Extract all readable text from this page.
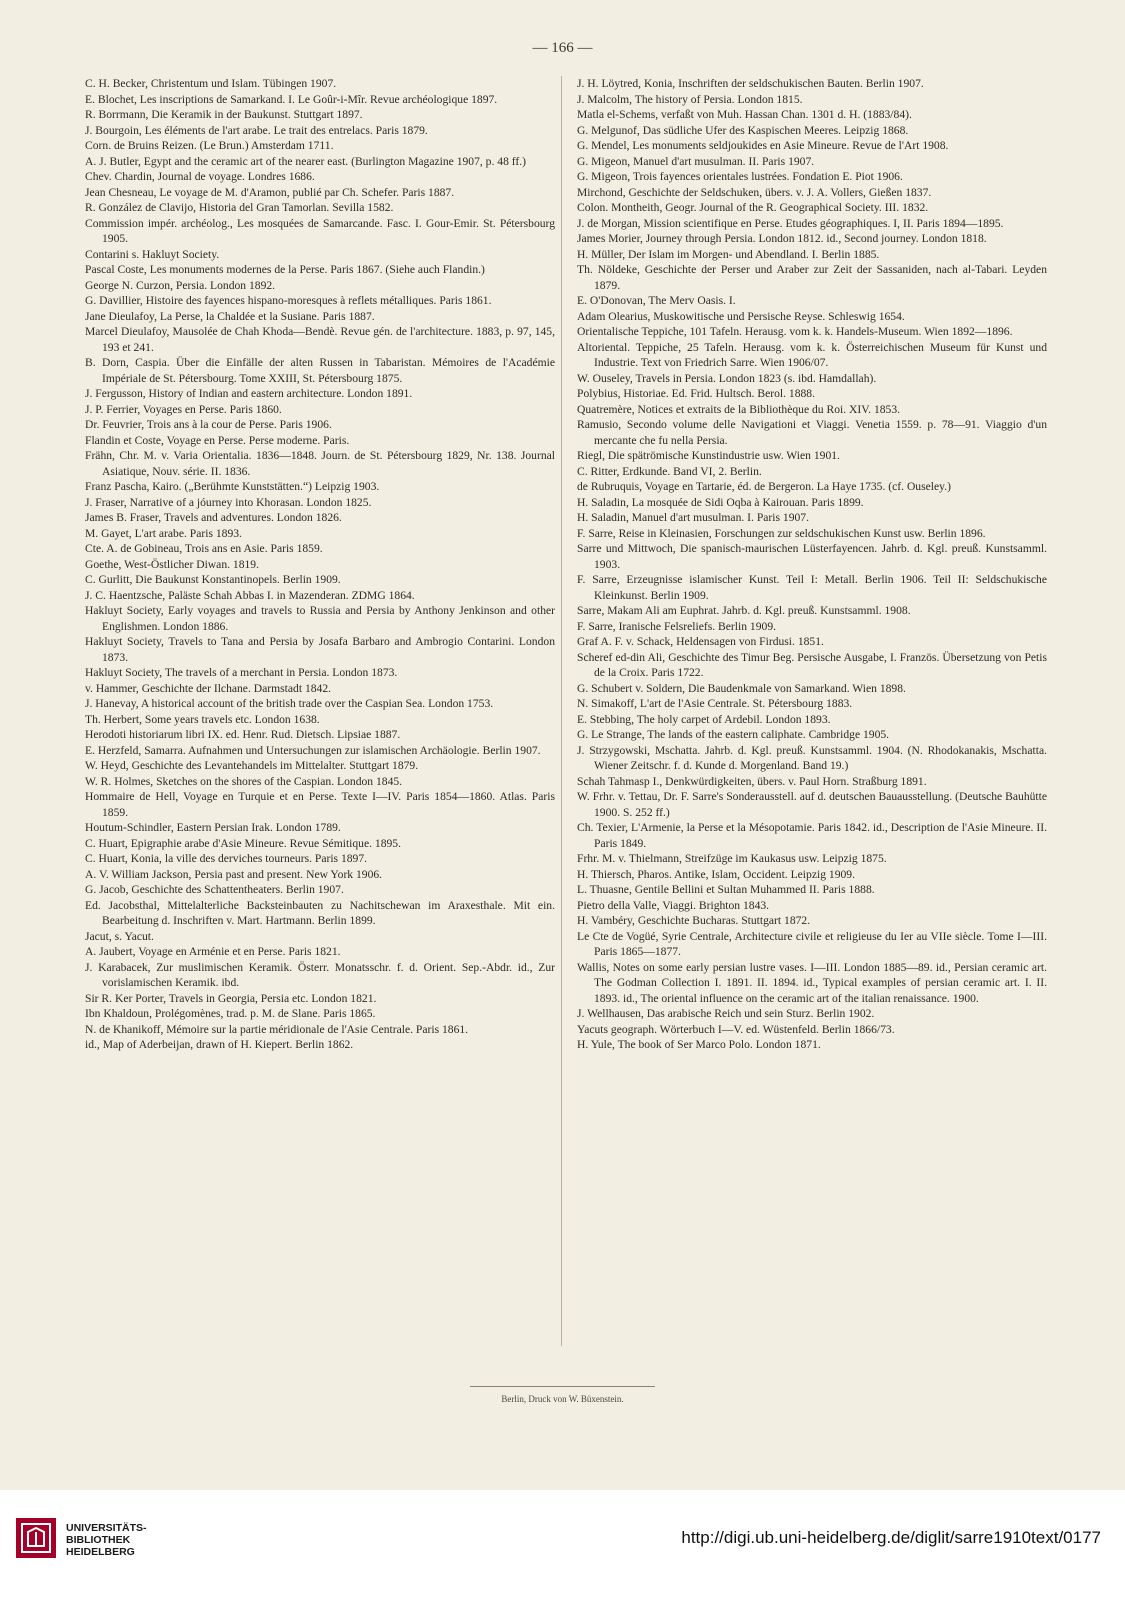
— 166 —

C. H. Becker, Christentum und Islam. Tübingen 1907.

E. Blochet, Les inscriptions de Samarkand. I. Le Goûr-i-Mîr. Revue archéologique 1897.

R. Borrmann, Die Keramik in der Baukunst. Stuttgart 1897.

J. Bourgoin, Les éléments de l'art arabe. Le trait des entrelacs. Paris 1879.

Corn. de Bruins Reizen. (Le Brun.) Amsterdam 1711.

A. J. Butler, Egypt and the ceramic art of the nearer east. (Burlington Magazine 1907, p. 48 ff.)

Chev. Chardin, Journal de voyage. Londres 1686.

Jean Chesneau, Le voyage de M. d'Aramon, publié par Ch. Schefer. Paris 1887.

R. González de Clavijo, Historia del Gran Tamorlan. Sevilla 1582.

Commission impér. archéolog., Les mosquées de Samarcande. Fasc. I. Gour-Emir. St. Pétersbourg 1905.

Contarini s. Hakluyt Society.

Pascal Coste, Les monuments modernes de la Perse. Paris 1867. (Siehe auch Flandin.)

George N. Curzon, Persia. London 1892.

G. Davillier, Histoire des fayences hispano-moresques à reflets métalliques. Paris 1861.

Jane Dieulafoy, La Perse, la Chaldée et la Susiane. Paris 1887.

Marcel Dieulafoy, Mausolée de Chah Khoda—Bendè. Revue gén. de l'architecture. 1883, p. 97, 145, 193 et 241.

B. Dorn, Caspia. Über die Einfälle der alten Russen in Tabaristan. Mémoires de l'Académie Impériale de St. Pétersbourg. Tome XXIII, St. Pétersbourg 1875.

J. Fergusson, History of Indian and eastern architecture. London 1891.

J. P. Ferrier, Voyages en Perse. Paris 1860.

Dr. Feuvrier, Trois ans à la cour de Perse. Paris 1906.

Flandin et Coste, Voyage en Perse. Perse moderne. Paris.

Frähn, Chr. M. v. Varia Orientalia. 1836—1848. Journ. de St. Pétersbourg 1829, Nr. 138. Journal Asiatique, Nouv. série. II. 1836.

Franz Pascha, Kairo. („Berühmte Kunststätten.“) Leipzig 1903.

J. Fraser, Narrative of a jóurney into Khorasan. London 1825.

James B. Fraser, Travels and adventures. London 1826.

M. Gayet, L'art arabe. Paris 1893.

Cte. A. de Gobineau, Trois ans en Asie. Paris 1859.

Goethe, West-Östlicher Diwan. 1819.

C. Gurlitt, Die Baukunst Konstantinopels. Berlin 1909.

J. C. Haentzsche, Paläste Schah Abbas I. in Mazenderan. ZDMG 1864.

Hakluyt Society, Early voyages and travels to Russia and Persia by Anthony Jenkinson and other Englishmen. London 1886.

Hakluyt Society, Travels to Tana and Persia by Josafa Barbaro and Ambrogio Contarini. London 1873.

Hakluyt Society, The travels of a merchant in Persia. London 1873.

v. Hammer, Geschichte der Ilchane. Darmstadt 1842.

J. Hanevay, A historical account of the british trade over the Caspian Sea. London 1753.

Th. Herbert, Some years travels etc. London 1638.

Herodoti historiarum libri IX. ed. Henr. Rud. Dietsch. Lipsiae 1887.

E. Herzfeld, Samarra. Aufnahmen und Untersuchungen zur islamischen Archäologie. Berlin 1907.

W. Heyd, Geschichte des Levantehandels im Mittelalter. Stuttgart 1879.

W. R. Holmes, Sketches on the shores of the Caspian. London 1845.

Hommaire de Hell, Voyage en Turquie et en Perse. Texte I—IV. Paris 1854—1860. Atlas. Paris 1859.

Houtum-Schindler, Eastern Persian Irak. London 1789.

C. Huart, Epigraphie arabe d'Asie Mineure. Revue Sémitique. 1895.

C. Huart, Konia, la ville des derviches tourneurs. Paris 1897.

A. V. William Jackson, Persia past and present. New York 1906.

G. Jacob, Geschichte des Schattentheaters. Berlin 1907.

Ed. Jacobsthal, Mittelalterliche Backsteinbauten zu Nachitschewan im Araxesthale. Mit ein. Bearbeitung d. Inschriften v. Mart. Hartmann. Berlin 1899.

Jacut, s. Yacut.

A. Jaubert, Voyage en Arménie et en Perse. Paris 1821.

J. Karabacek, Zur muslimischen Keramik. Österr. Monatsschr. f. d. Orient. Sep.-Abdr. id., Zur vorislamischen Keramik. ibd.

Sir R. Ker Porter, Travels in Georgia, Persia etc. London 1821.

Ibn Khaldoun, Prolégomènes, trad. p. M. de Slane. Paris 1865.

N. de Khanikoff, Mémoire sur la partie méridionale de l'Asie Centrale. Paris 1861.

id., Map of Aderbeijan, drawn of H. Kiepert. Berlin 1862.

J. H. Löytred, Konia, Inschriften der seldschukischen Bauten. Berlin 1907.

J. Malcolm, The history of Persia. London 1815.

Matla el-Schems, verfaßt von Muh. Hassan Chan. 1301 d. H. (1883/84).

G. Melgunof, Das südliche Ufer des Kaspischen Meeres. Leipzig 1868.

G. Mendel, Les monuments seldjoukides en Asie Mineure. Revue de l'Art 1908.

G. Migeon, Manuel d'art musulman. II. Paris 1907.

G. Migeon, Trois fayences orientales lustrées. Fondation E. Piot 1906.

Mirchond, Geschichte der Seldschuken, übers. v. J. A. Vollers, Gießen 1837.

Colon. Montheith, Geogr. Journal of the R. Geographical Society. III. 1832.

J. de Morgan, Mission scientifique en Perse. Etudes géographiques. I, II. Paris 1894—1895.

James Morier, Journey through Persia. London 1812. id., Second journey. London 1818.

H. Müller, Der Islam im Morgen- und Abendland. I. Berlin 1885.

Th. Nöldeke, Geschichte der Perser und Araber zur Zeit der Sassaniden, nach al-Tabari. Leyden 1879.

E. O'Donovan, The Merv Oasis. I.

Adam Olearius, Muskowitische und Persische Reyse. Schleswig 1654.

Orientalische Teppiche, 101 Tafeln. Herausg. vom k. k. Handels-Museum. Wien 1892—1896.

Altoriental. Teppiche, 25 Tafeln. Herausg. vom k. k. Österreichischen Museum für Kunst und Industrie. Text von Friedrich Sarre. Wien 1906/07.

W. Ouseley, Travels in Persia. London 1823 (s. ibd. Hamdallah).

Polybius, Historiae. Ed. Frid. Hultsch. Berol. 1888.

Quatremère, Notices et extraits de la Bibliothèque du Roi. XIV. 1853.

Ramusio, Secondo volume delle Navigationi et Viaggi. Venetia 1559. p. 78—91. Viaggio d'un mercante che fu nella Persia.

Riegl, Die spätrömische Kunstindustrie usw. Wien 1901.

C. Ritter, Erdkunde. Band VI, 2. Berlin.

de Rubruquis, Voyage en Tartarie, éd. de Bergeron. La Haye 1735. (cf. Ouseley.)

H. Saladin, La mosquée de Sidi Oqba à Kairouan. Paris 1899.

H. Saladin, Manuel d'art musulman. I. Paris 1907.

F. Sarre, Reise in Kleinasien, Forschungen zur seldschukischen Kunst usw. Berlin 1896.

Sarre und Mittwoch, Die spanisch-maurischen Lüsterfayencen. Jahrb. d. Kgl. preuß. Kunstsamml. 1903.

F. Sarre, Erzeugnisse islamischer Kunst. Teil I: Metall. Berlin 1906. Teil II: Seldschukische Kleinkunst. Berlin 1909.

Sarre, Makam Ali am Euphrat. Jahrb. d. Kgl. preuß. Kunstsamml. 1908.

F. Sarre, Iranische Felsreliefs. Berlin 1909.

Graf A. F. v. Schack, Heldensagen von Firdusi. 1851.

Scheref ed-din Ali, Geschichte des Timur Beg. Persische Ausgabe, I. Französ. Übersetzung von Petis de la Croix. Paris 1722.

G. Schubert v. Soldern, Die Baudenkmale von Samarkand. Wien 1898.

N. Simakoff, L'art de l'Asie Centrale. St. Pétersbourg 1883.

E. Stebbing, The holy carpet of Ardebil. London 1893.

G. Le Strange, The lands of the eastern caliphate. Cambridge 1905.

J. Strzygowski, Mschatta. Jahrb. d. Kgl. preuß. Kunstsamml. 1904. (N. Rhodokanakis, Mschatta. Wiener Zeitschr. f. d. Kunde d. Morgenland. Band 19.)

Schah Tahmasp I., Denkwürdigkeiten, übers. v. Paul Horn. Straßburg 1891.

W. Frhr. v. Tettau, Dr. F. Sarre's Sonderausstell. auf d. deutschen Bauausstellung. (Deutsche Bauhütte 1900. S. 252 ff.)

Ch. Texier, L'Armenie, la Perse et la Mésopotamie. Paris 1842. id., Description de l'Asie Mineure. II. Paris 1849.

Frhr. M. v. Thielmann, Streifzüge im Kaukasus usw. Leipzig 1875.

H. Thiersch, Pharos. Antike, Islam, Occident. Leipzig 1909.

L. Thuasne, Gentile Bellini et Sultan Muhammed II. Paris 1888.

Pietro della Valle, Viaggi. Brighton 1843.

H. Vambéry, Geschichte Bucharas. Stuttgart 1872.

Le Cte de Vogüé, Syrie Centrale, Architecture civile et religieuse du Ier au VIIe siècle. Tome I—III. Paris 1865—1877.

Wallis, Notes on some early persian lustre vases. I—III. London 1885—89. id., Persian ceramic art. The Godman Collection I. 1891. II. 1894. id., Typical examples of persian ceramic art. I. II. 1893. id., The oriental influence on the ceramic art of the italian renaissance. 1900.

J. Wellhausen, Das arabische Reich und sein Sturz. Berlin 1902.

Yacuts geograph. Wörterbuch I—V. ed. Wüstenfeld. Berlin 1866/73.

H. Yule, The book of Ser Marco Polo. London 1871.

Berlin, Druck von W. Büxenstein.
UNIVERSITÄTS-
BIBLIOTHEK
HEIDELBERG
http://digi.ub.uni-heidelberg.de/diglit/sarre1910text/0177
